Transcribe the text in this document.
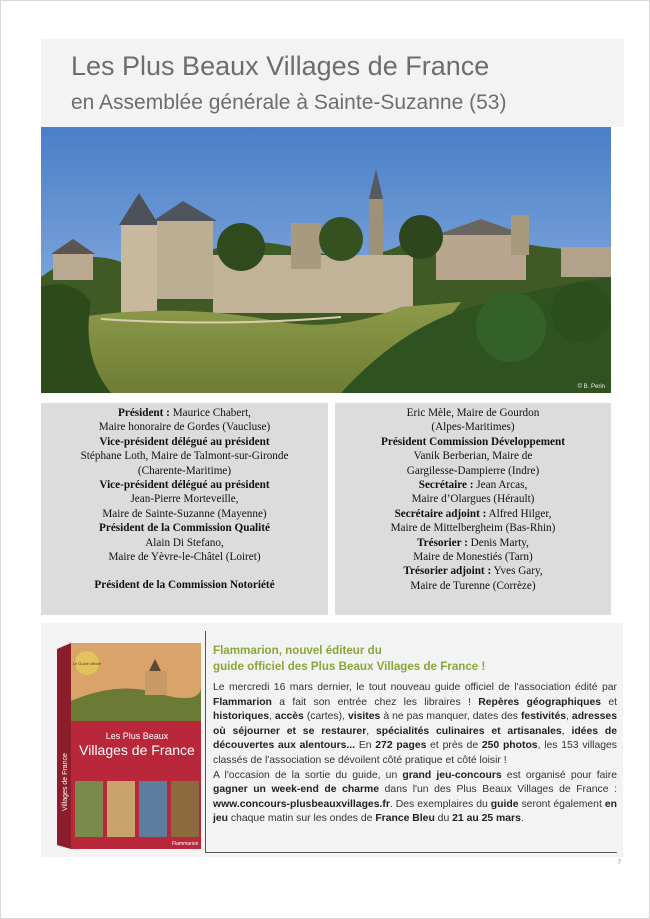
Les Plus Beaux Villages de France
en Assemblée générale à Sainte-Suzanne (53)
© B. Perin
Président : Maurice Chabert,
Maire honoraire de Gordes (Vaucluse)
Vice-président délégué au président
Stéphane Loth, Maire de Talmont-sur-Gironde
(Charente-Maritime)
Vice-président délégué au président
Jean-Pierre Morteveille,
Maire de Sainte-Suzanne (Mayenne)
Président de la Commission Qualité
Alain Di Stefano,
Maire de Yèvre-le-Châtel (Loiret)
Président de la Commission Notoriété
Eric Mèle, Maire de Gourdon
(Alpes-Maritimes)
Président Commission Développement
Vanik Berberian, Maire de
Gargilesse-Dampierre (Indre)
Secrétaire : Jean Arcas,
Maire d’Olargues (Hérault)
Secrétaire adjoint : Alfred Hilger,
Maire de Mittelbergheim (Bas-Rhin)
Trésorier : Denis Marty,
Maire de Monestiés (Tarn)
Trésorier adjoint : Yves Gary,
Maire de Turenne (Corrèze)
Le Guide officiel
Les Plus Beaux
Villages de France
Flammarion
Villages de France
Flammarion, nouvel éditeur du
guide officiel des Plus Beaux Villages de France !
Le mercredi 16 mars dernier, le tout nouveau guide officiel de l'association édité par Flammarion a fait son entrée chez les libraires ! Repères géographiques et historiques, accès (cartes), visites à ne pas manquer, dates des festivités, adresses où séjourner et se restaurer, spécialités culinaires et artisanales, idées de découvertes aux alentours... En 272 pages et près de 250 photos, les 153 villages classés de l'association se dévoilent côté pratique et côté loisir !
A l'occasion de la sortie du guide, un grand jeu-concours est organisé pour faire gagner un week-end de charme dans l'un des Plus Beaux Villages de France : www.concours-plusbeauxvillages.fr. Des exemplaires du guide seront également en jeu chaque matin sur les ondes de France Bleu du 21 au 25 mars.
7
